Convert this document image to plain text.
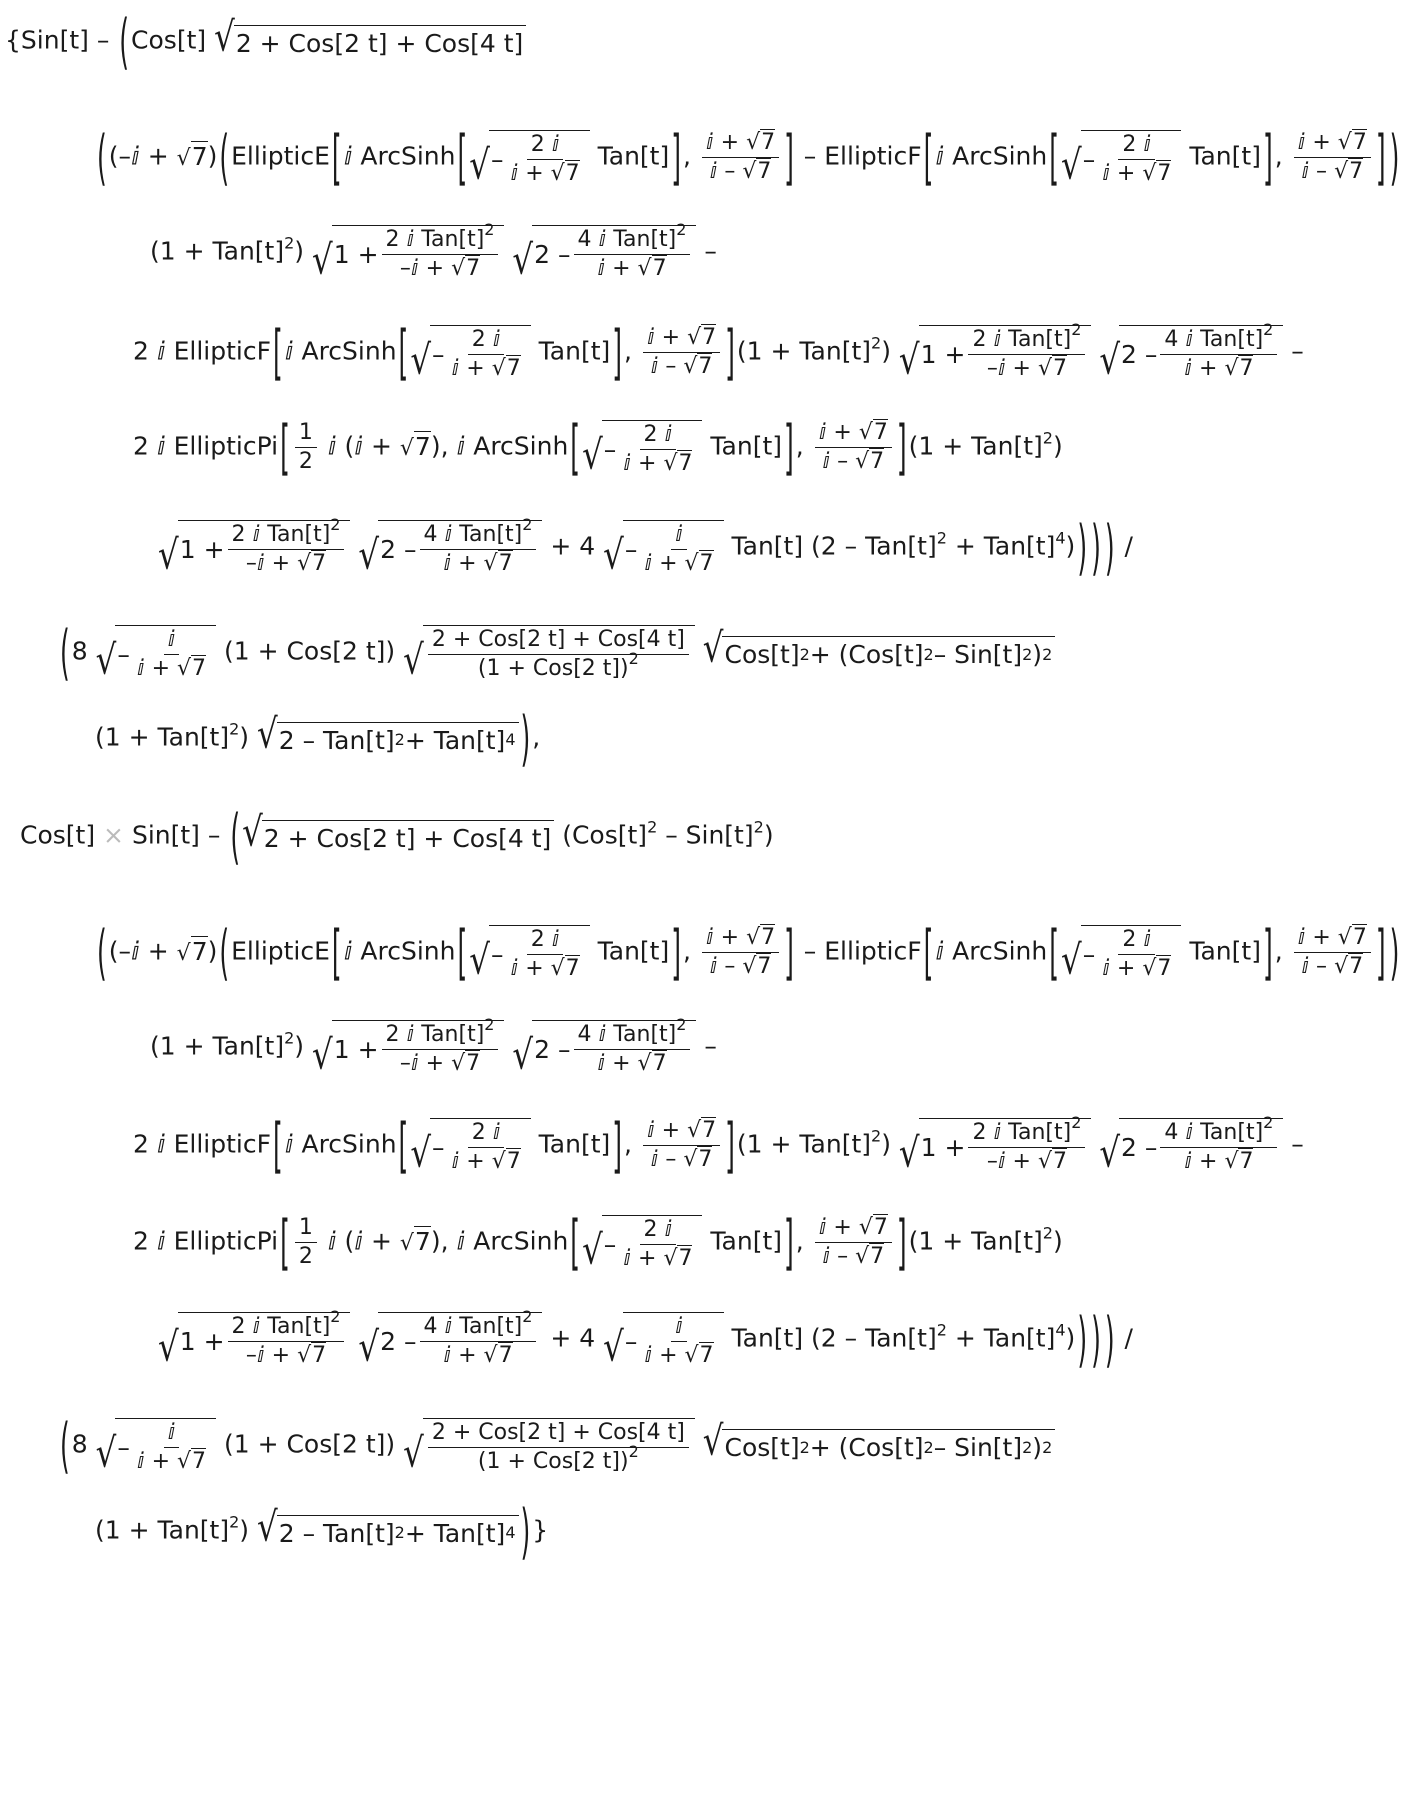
{Sin[t] – (Cos[t] √ 2 + Cos[2 t] + Cos[4 t]
((–ⅈ + √7)(EllipticE[ⅈ ArcSinh[ √ – $\frac{\text{2 ⅈ}}{\text{ⅈ + √7}} Tan[t]$], $\frac{\text{ⅈ + √7}}{\text{ⅈ – √7}}$ ] – EllipticF[ⅈ ArcSinh[ √ – $\frac{\text{2 ⅈ}}{\text{ⅈ + √7}} Tan[t]$], $\frac{\text{ⅈ + √7}}{\text{ⅈ – √7}}$ ] )
$(1 + Tan[t]^2)$ √ $1 + \frac{2 ⅈ Tan[t]^2}{\text{–ⅈ + √7}}$
√ $2 - \frac{4 ⅈ Tan[t]^2}{\text{ⅈ + √7}}$ –
2 ⅈ EllipticF[ⅈ ArcSinh[ √ – $\frac{\text{2 ⅈ}}{\text{ⅈ + √7}} Tan[t]$], $\frac{\text{ⅈ + √7}}{\text{ⅈ – √7}} ](1 + Tan[t]^2)$ √ $1 + \frac{2 ⅈ Tan[t]^2}{\text{–ⅈ + √7}}$
√ $2 - \frac{4 ⅈ Tan[t]^2}{\text{ⅈ + √7}}$ –
2 ⅈ EllipticPi[ $\frac{1}{2}$ ⅈ (ⅈ + √7), ⅈ ArcSinh[ √ – $\frac{\text{2 ⅈ}}{\text{ⅈ + √7}} Tan[t]$], $\frac{\text{ⅈ + √7}}{\text{ⅈ – √7}} ](1 + Tan[t]^2)$
√ $1 + \frac{2 ⅈ Tan[t]^2}{\text{–ⅈ + √7}}$
√ $2 - \frac{4 ⅈ Tan[t]^2}{\text{ⅈ + √7}} + 4$ √ – $\frac{\text{ⅈ}}{\text{ⅈ + √7}} Tan[t]$ $(2 - Tan[t]^2 + Tan[t]^4)$) ) ) /
(8 √ – $\frac{\text{ⅈ}}{\text{ⅈ + √7}} (1 + Cos[2$ t]) √ $\frac{\text{2 + Cos[2 t] + Cos[4 t]}}{(1 + Cos[2 t])^2}$
√ Cos[t] 2 + (Cos[t] 2 – Sin[t] 2 ) 2
$(1 + Tan[t]^2)$ √ 2 – Tan[t] 2 + Tan[t] 4 ),
Cos[t] × Sin[t] – ( √ 2 + Cos[2 t] + Cos[4 t] $(Cos[t]^2 - Sin[t]^2)$
((–ⅈ + √7)(EllipticE[ⅈ ArcSinh[ √ – $\frac{\text{2 ⅈ}}{\text{ⅈ + √7}} Tan[t]$], $\frac{\text{ⅈ + √7}}{\text{ⅈ – √7}}$ ] – EllipticF[ⅈ ArcSinh[ √ – $\frac{\text{2 ⅈ}}{\text{ⅈ + √7}} Tan[t]$], $\frac{\text{ⅈ + √7}}{\text{ⅈ – √7}}$ ] )
$(1 + Tan[t]^2)$ √ $1 + \frac{2 ⅈ Tan[t]^2}{\text{–ⅈ + √7}}$
√ $2 - \frac{4 ⅈ Tan[t]^2}{\text{ⅈ + √7}}$ –
2 ⅈ EllipticF[ⅈ ArcSinh[ √ – $\frac{\text{2 ⅈ}}{\text{ⅈ + √7}} Tan[t]$], $\frac{\text{ⅈ + √7}}{\text{ⅈ – √7}} ](1 + Tan[t]^2)$ √ $1 + \frac{2 ⅈ Tan[t]^2}{\text{–ⅈ + √7}}$
√ $2 - \frac{4 ⅈ Tan[t]^2}{\text{ⅈ + √7}}$ –
2 ⅈ EllipticPi[ $\frac{1}{2}$ ⅈ (ⅈ + √7), ⅈ ArcSinh[ √ – $\frac{\text{2 ⅈ}}{\text{ⅈ + √7}} Tan[t]$], $\frac{\text{ⅈ + √7}}{\text{ⅈ – √7}} ](1 + Tan[t]^2)$
√ $1 + \frac{2 ⅈ Tan[t]^2}{\text{–ⅈ + √7}}$
√ $2 - \frac{4 ⅈ Tan[t]^2}{\text{ⅈ + √7}} + 4$ √ – $\frac{\text{ⅈ}}{\text{ⅈ + √7}} Tan[t]$ $(2 - Tan[t]^2 + Tan[t]^4)$) ) ) /
(8 √ – $\frac{\text{ⅈ}}{\text{ⅈ + √7}} (1 + Cos[2$ t]) √ $\frac{\text{2 + Cos[2 t] + Cos[4 t]}}{(1 + Cos[2 t])^2}$
√ Cos[t] 2 + (Cos[t] 2 – Sin[t] 2 ) 2
$(1 + Tan[t]^2)$ √ 2 – Tan[t] 2 + Tan[t] 4 )}
